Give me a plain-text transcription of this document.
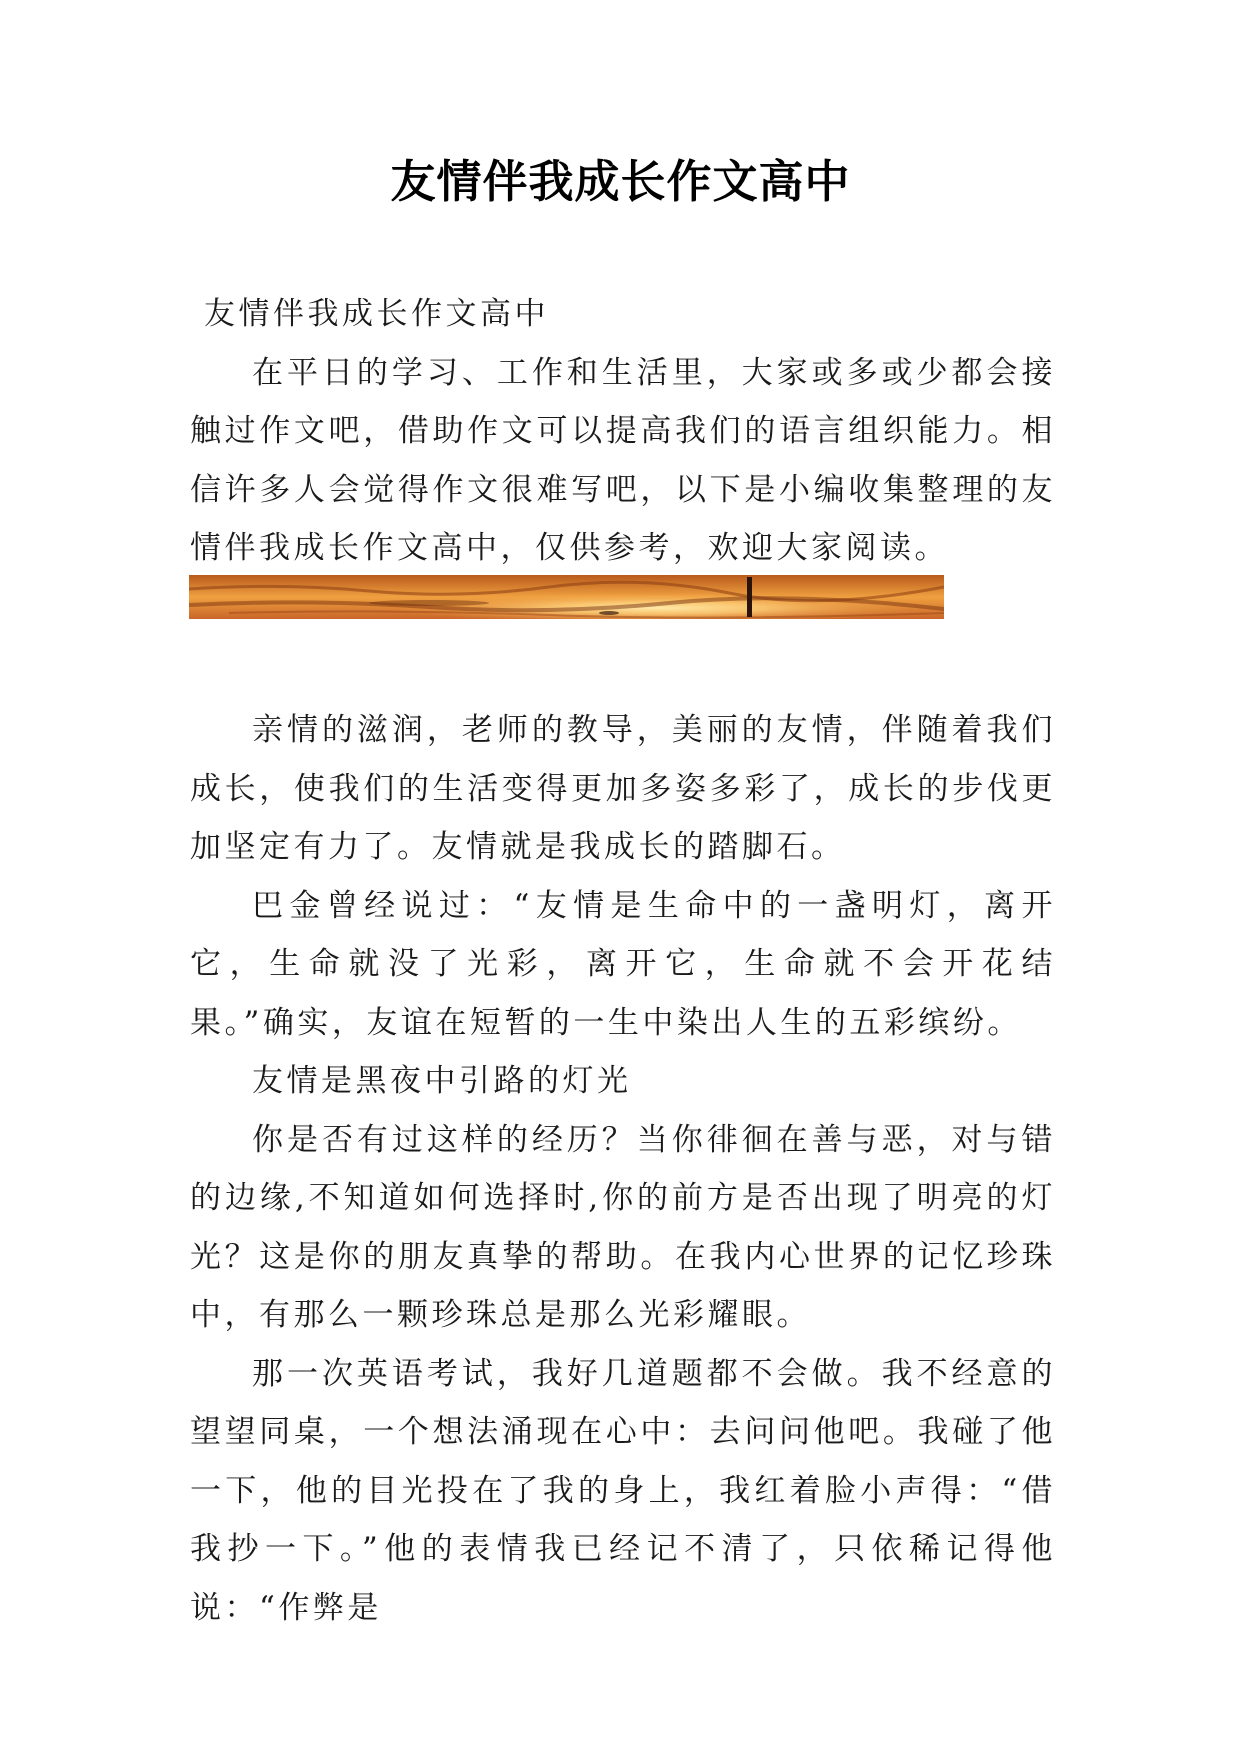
友情伴我成长作文高中

友情伴我成长作文高中

在平日的学习、工作和生活里，大家或多或少都会接触过作文吧，借助作文可以提高我们的语言组织能力。相信许多人会觉得作文很难写吧，以下是小编收集整理的友情伴我成长作文高中，仅供参考，欢迎大家阅读。

亲情的滋润，老师的教导，美丽的友情，伴随着我们成长，使我们的生活变得更加多姿多彩了，成长的步伐更加坚定有力了。友情就是我成长的踏脚石。

巴金曾经说过：“友情是生命中的一盏明灯，离开它，生命就没了光彩，离开它，生命就不会开花结果。”确实，友谊在短暂的一生中染出人生的五彩缤纷。

友情是黑夜中引路的灯光

你是否有过这样的经历？当你徘徊在善与恶，对与错的边缘,不知道如何选择时,你的前方是否出现了明亮的灯光？这是你的朋友真挚的帮助。在我内心世界的记忆珍珠中，有那么一颗珍珠总是那么光彩耀眼。

那一次英语考试，我好几道题都不会做。我不经意的望望同桌，一个想法涌现在心中：去问问他吧。我碰了他一下，他的目光投在了我的身上，我红着脸小声得：“借我抄一下。”他的表情我已经记不清了，只依稀记得他说：“作弊是
